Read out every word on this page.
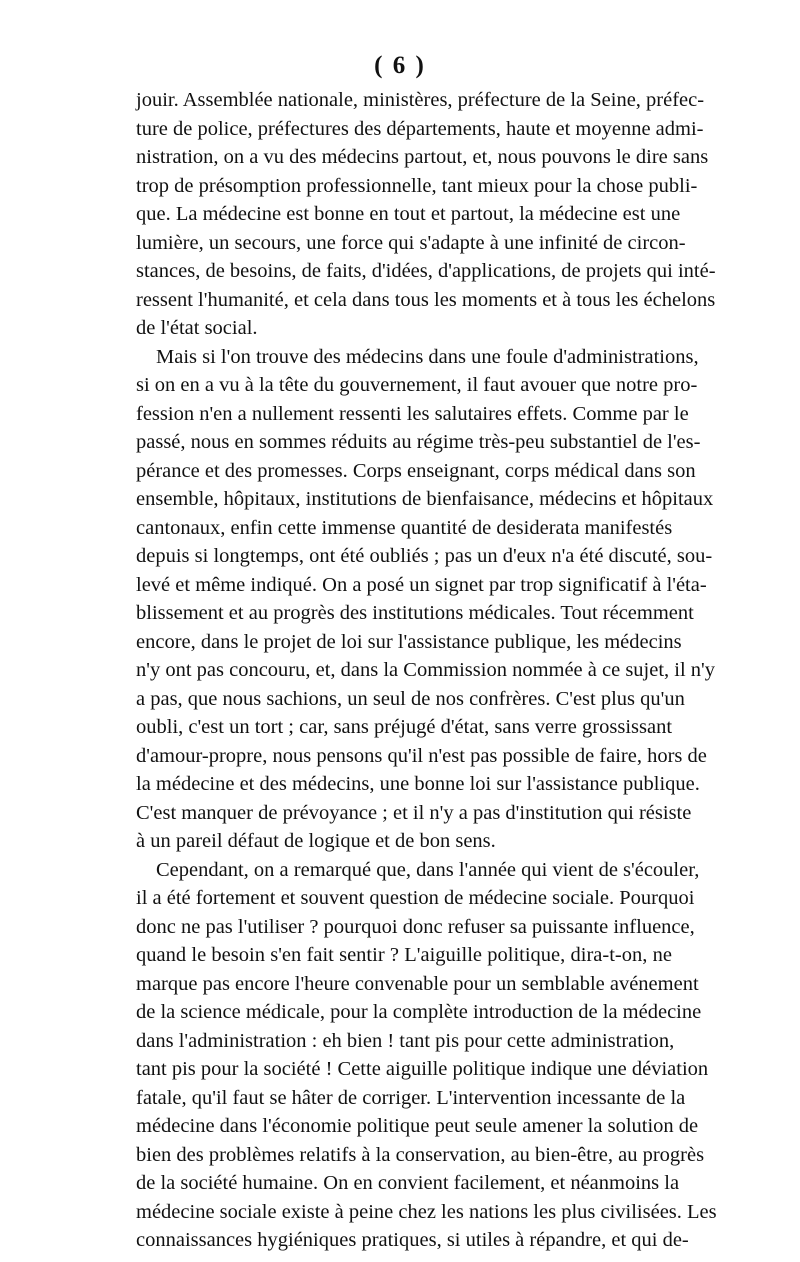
( 6 )
jouir. Assemblée nationale, ministères, préfecture de la Seine, préfec-
ture de police, préfectures des départements, haute et moyenne admi-
nistration, on a vu des médecins partout, et, nous pouvons le dire sans
trop de présomption professionnelle, tant mieux pour la chose publi-
que. La médecine est bonne en tout et partout, la médecine est une
lumière, un secours, une force qui s'adapte à une infinité de circon-
stances, de besoins, de faits, d'idées, d'applications, de projets qui inté-
ressent l'humanité, et cela dans tous les moments et à tous les échelons
de l'état social.
Mais si l'on trouve des médecins dans une foule d'administrations,
si on en a vu à la tête du gouvernement, il faut avouer que notre pro-
fession n'en a nullement ressenti les salutaires effets. Comme par le
passé, nous en sommes réduits au régime très-peu substantiel de l'es-
pérance et des promesses. Corps enseignant, corps médical dans son
ensemble, hôpitaux, institutions de bienfaisance, médecins et hôpitaux
cantonaux, enfin cette immense quantité de desiderata manifestés
depuis si longtemps, ont été oubliés ; pas un d'eux n'a été discuté, sou-
levé et même indiqué. On a posé un signet par trop significatif à l'éta-
blissement et au progrès des institutions médicales. Tout récemment
encore, dans le projet de loi sur l'assistance publique, les médecins
n'y ont pas concouru, et, dans la Commission nommée à ce sujet, il n'y
a pas, que nous sachions, un seul de nos confrères. C'est plus qu'un
oubli, c'est un tort ; car, sans préjugé d'état, sans verre grossissant
d'amour-propre, nous pensons qu'il n'est pas possible de faire, hors de
la médecine et des médecins, une bonne loi sur l'assistance publique.
C'est manquer de prévoyance ; et il n'y a pas d'institution qui résiste
à un pareil défaut de logique et de bon sens.
Cependant, on a remarqué que, dans l'année qui vient de s'écouler,
il a été fortement et souvent question de médecine sociale. Pourquoi
donc ne pas l'utiliser ? pourquoi donc refuser sa puissante influence,
quand le besoin s'en fait sentir ? L'aiguille politique, dira-t-on, ne
marque pas encore l'heure convenable pour un semblable avénement
de la science médicale, pour la complète introduction de la médecine
dans l'administration : eh bien ! tant pis pour cette administration,
tant pis pour la société ! Cette aiguille politique indique une déviation
fatale, qu'il faut se hâter de corriger. L'intervention incessante de la
médecine dans l'économie politique peut seule amener la solution de
bien des problèmes relatifs à la conservation, au bien-être, au progrès
de la société humaine. On en convient facilement, et néanmoins la
médecine sociale existe à peine chez les nations les plus civilisées. Les
connaissances hygiéniques pratiques, si utiles à répandre, et qui de-
